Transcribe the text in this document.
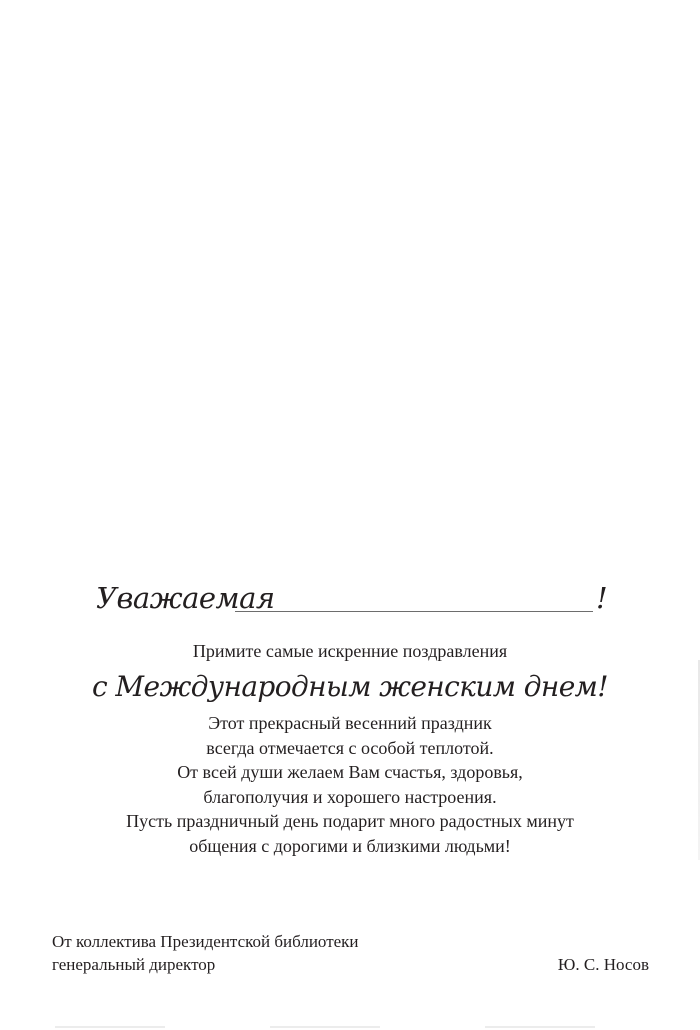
Уважаемая	!
Примите самые искренние поздравления
с Международным женским днем!
Этот прекрасный весенний праздник
всегда отмечается с особой теплотой.
От всей души желаем Вам счастья, здоровья,
благополучия и хорошего настроения.
Пусть праздничный день подарит много радостных минут
общения с дорогими и близкими людьми!
От коллектива Президентской библиотеки
генеральный директор	Ю. С. Носов
